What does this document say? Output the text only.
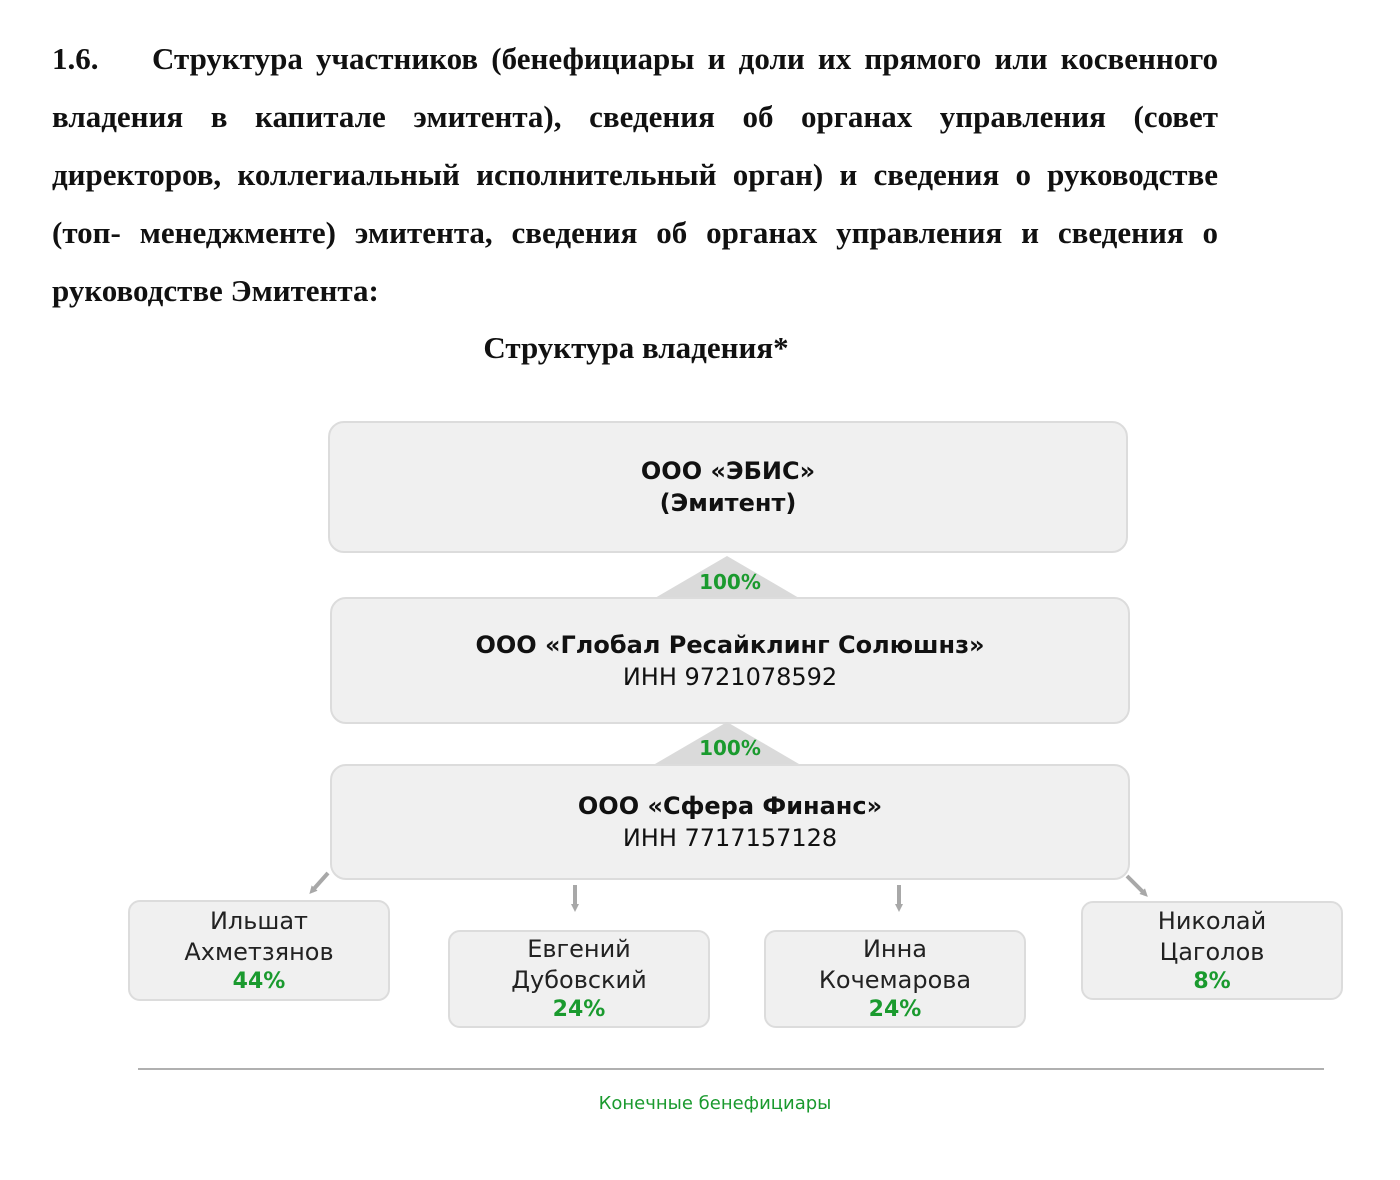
1.6. Структура участников (бенефициары и доли их прямого или косвенного владения в капитале эмитента), сведения об органах управления (совет директоров, коллегиальный исполнительный орган) и сведения о руководстве (топ- менеджменте) эмитента, сведения об органах управления и сведения о руководстве Эмитента:

Структура владения*
ООО «ЭБИС»
(Эмитент)
100%
ООО «Глобал Ресайклинг Солюшнз»
ИНН 9721078592
100%
ООО «Сфера Финанс»
ИНН 7717157128
Ильшат
Ахметзянов
44%
Евгений
Дубовский
24%
Инна
Кочемарова
24%
Николай
Цаголов
8%
Конечные бенефициары
